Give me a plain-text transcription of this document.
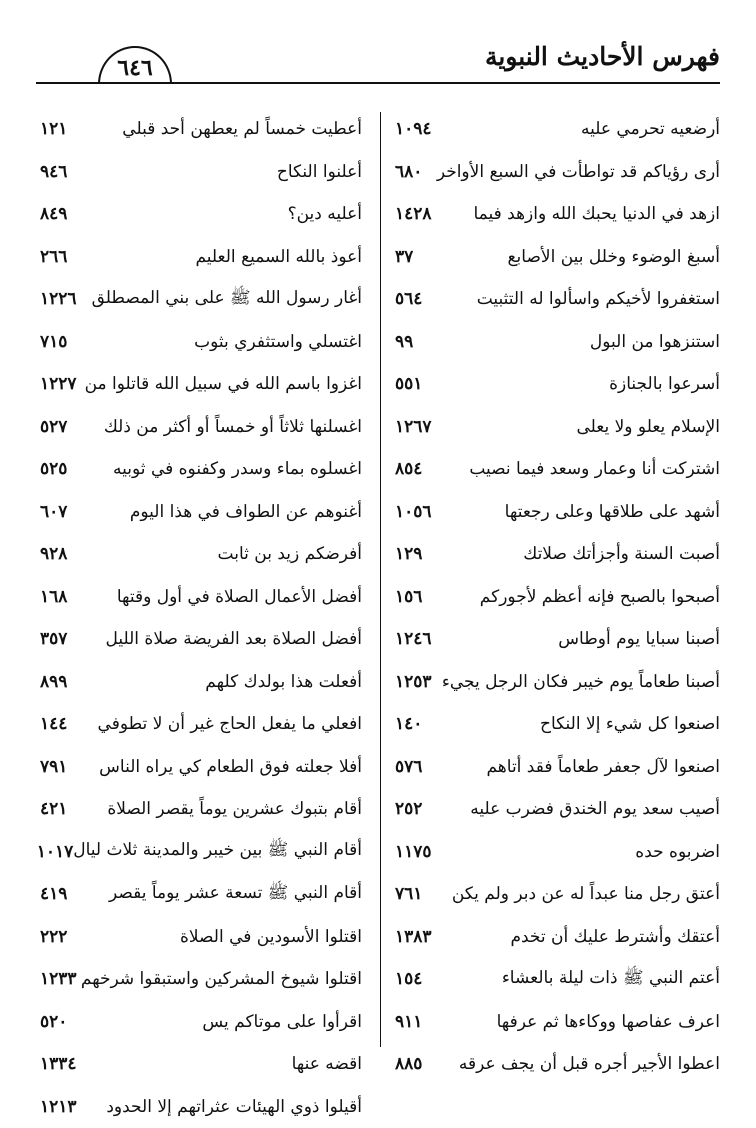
فهرس الأحاديث النبوية
٦٤٦
أرضعيه تحرمي عليه
١٠٩٤
أرى رؤياكم قد تواطأت في السبع الأواخر
٦٨٠
ازهد في الدنيا يحبك الله وازهد فيما
١٤٢٨
أسبغ الوضوء وخلل بين الأصابع
٣٧
استغفروا لأخيكم واسألوا له التثبيت
٥٦٤
استنزهوا من البول
٩٩
أسرعوا بالجنازة
٥٥١
الإسلام يعلو ولا يعلى
١٢٦٧
اشتركت أنا وعمار وسعد فيما نصيب
٨٥٤
أشهد على طلاقها وعلى رجعتها
١٠٥٦
أصبت السنة وأجزأتك صلاتك
١٢٩
أصبحوا بالصبح فإنه أعظم لأجوركم
١٥٦
أصبنا سبايا يوم أوطاس
١٢٤٦
أصبنا طعاماً يوم خيبر فكان الرجل يجيء
١٢٥٣
اصنعوا كل شيء إلا النكاح
١٤٠
اصنعوا لآل جعفر طعاماً فقد أتاهم
٥٧٦
أصيب سعد يوم الخندق فضرب عليه
٢٥٢
اضربوه حده
١١٧٥
أعتق رجل منا عبداً له عن دبر ولم يكن
٧٦١
أعتقك وأشترط عليك أن تخدم
١٣٨٣
أعتم النبي ﷺ ذات ليلة بالعشاء
١٥٤
اعرف عفاصها ووكاءها ثم عرفها
٩١١
اعطوا الأجير أجره قبل أن يجف عرقه
٨٨٥
أعطيت خمساً لم يعطهن أحد قبلي
١٢١
أعلنوا النكاح
٩٤٦
أعليه دين؟
٨٤٩
أعوذ بالله السميع العليم
٢٦٦
أغار رسول الله ﷺ على بني المصطلق
١٢٢٦
اغتسلي واستثفري بثوب
٧١٥
اغزوا باسم الله في سبيل الله قاتلوا من
١٢٢٧
اغسلنها ثلاثاً أو خمساً أو أكثر من ذلك
٥٢٧
اغسلوه بماء وسدر وكفنوه في ثوبيه
٥٢٥
أغنوهم عن الطواف في هذا اليوم
٦٠٧
أفرضكم زيد بن ثابت
٩٢٨
أفضل الأعمال الصلاة في أول وقتها
١٦٨
أفضل الصلاة بعد الفريضة صلاة الليل
٣٥٧
أفعلت هذا بولدك كلهم
٨٩٩
افعلي ما يفعل الحاج غير أن لا تطوفي
١٤٤
أفلا جعلته فوق الطعام كي يراه الناس
٧٩١
أقام بتبوك عشرين يوماً يقصر الصلاة
٤٢١
أقام النبي ﷺ بين خيبر والمدينة ثلاث ليال
١٠١٧
أقام النبي ﷺ تسعة عشر يوماً يقصر
٤١٩
اقتلوا الأسودين في الصلاة
٢٢٢
اقتلوا شيوخ المشركين واستبقوا شرخهم
١٢٣٣
اقرأوا على موتاكم يس
٥٢٠
اقضه عنها
١٣٣٤
أقيلوا ذوي الهيئات عثراتهم إلا الحدود
١٢١٣
